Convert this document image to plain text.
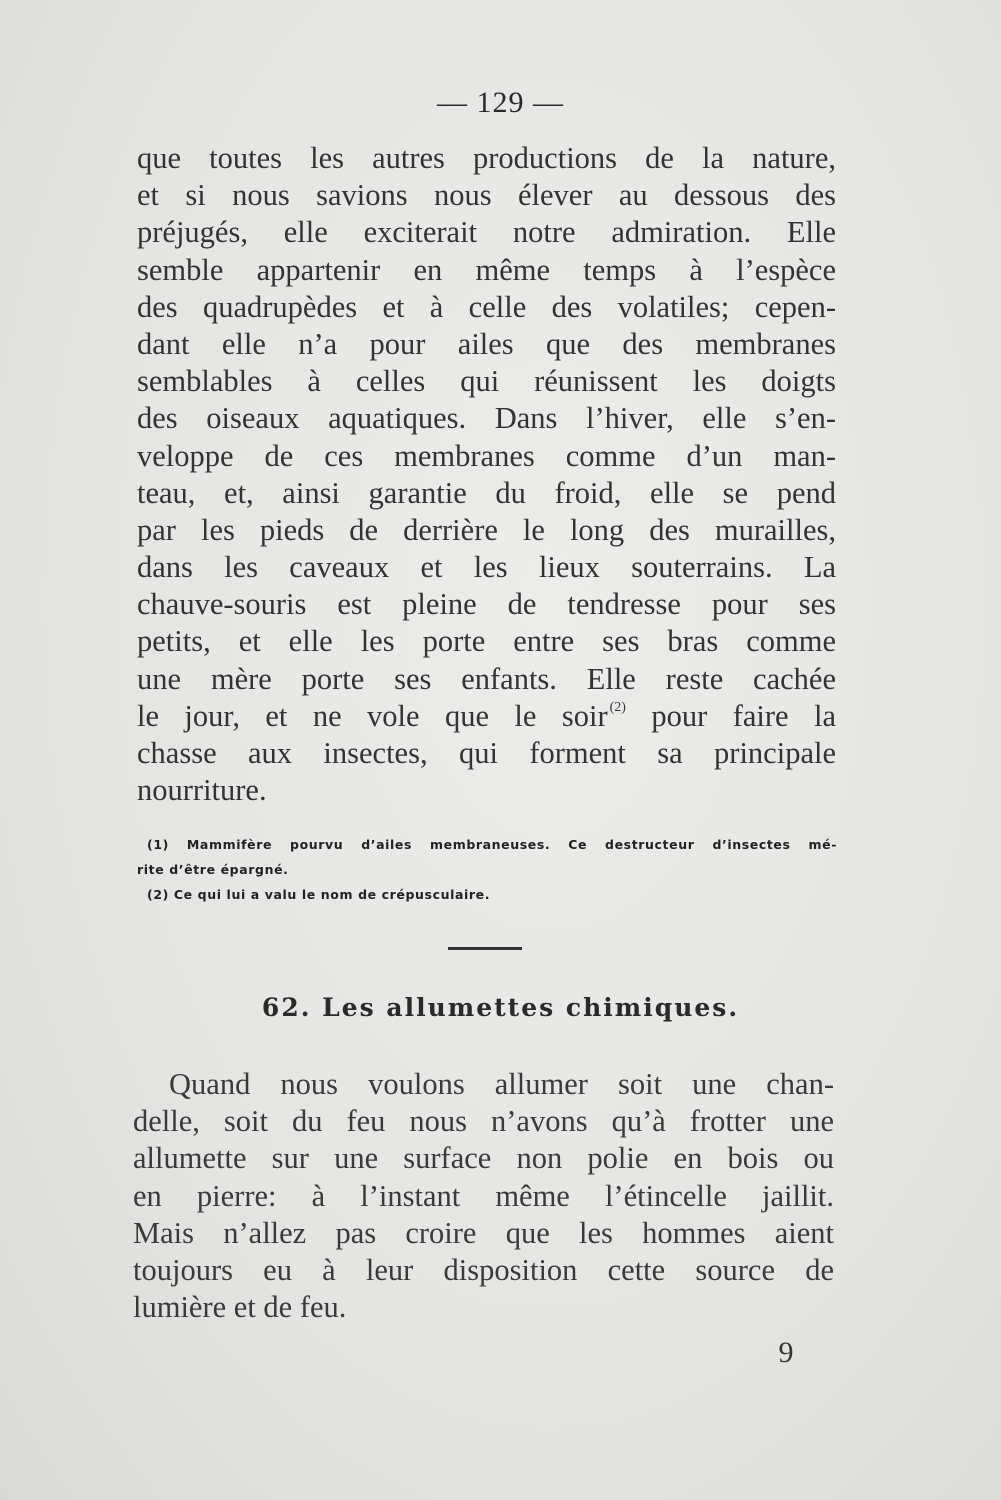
— 129 —
que toutes les autres productions de la nature,
et si nous savions nous élever au dessous des
préjugés, elle exciterait notre admiration. Elle
semble appartenir en même temps à l’espèce
des quadrupèdes et à celle des volatiles; cepen-
dant elle n’a pour ailes que des membranes
semblables à celles qui réunissent les doigts
des oiseaux aquatiques. Dans l’hiver, elle s’en-
veloppe de ces membranes comme d’un man-
teau, et, ainsi garantie du froid, elle se pend
par les pieds de derrière le long des murailles,
dans les caveaux et les lieux souterrains. La
chauve-souris est pleine de tendresse pour ses
petits, et elle les porte entre ses bras comme
une mère porte ses enfants. Elle reste cachée
le jour, et ne vole que le soir $^{(2)}$ pour faire la
chasse aux insectes, qui forment sa principale
nourriture.
(1) Mammifère pourvu d’ailes membraneuses. Ce destructeur d’insectes mé-
rite d’être épargné.
(2) Ce qui lui a valu le nom de crépusculaire.
62. Les allumettes chimiques.
Quand nous voulons allumer soit une chan-
delle, soit du feu nous n’avons qu’à frotter une
allumette sur une surface non polie en bois ou
en pierre: à l’instant même l’étincelle jaillit.
Mais n’allez pas croire que les hommes aient
toujours eu à leur disposition cette source de
lumière et de feu.
9
